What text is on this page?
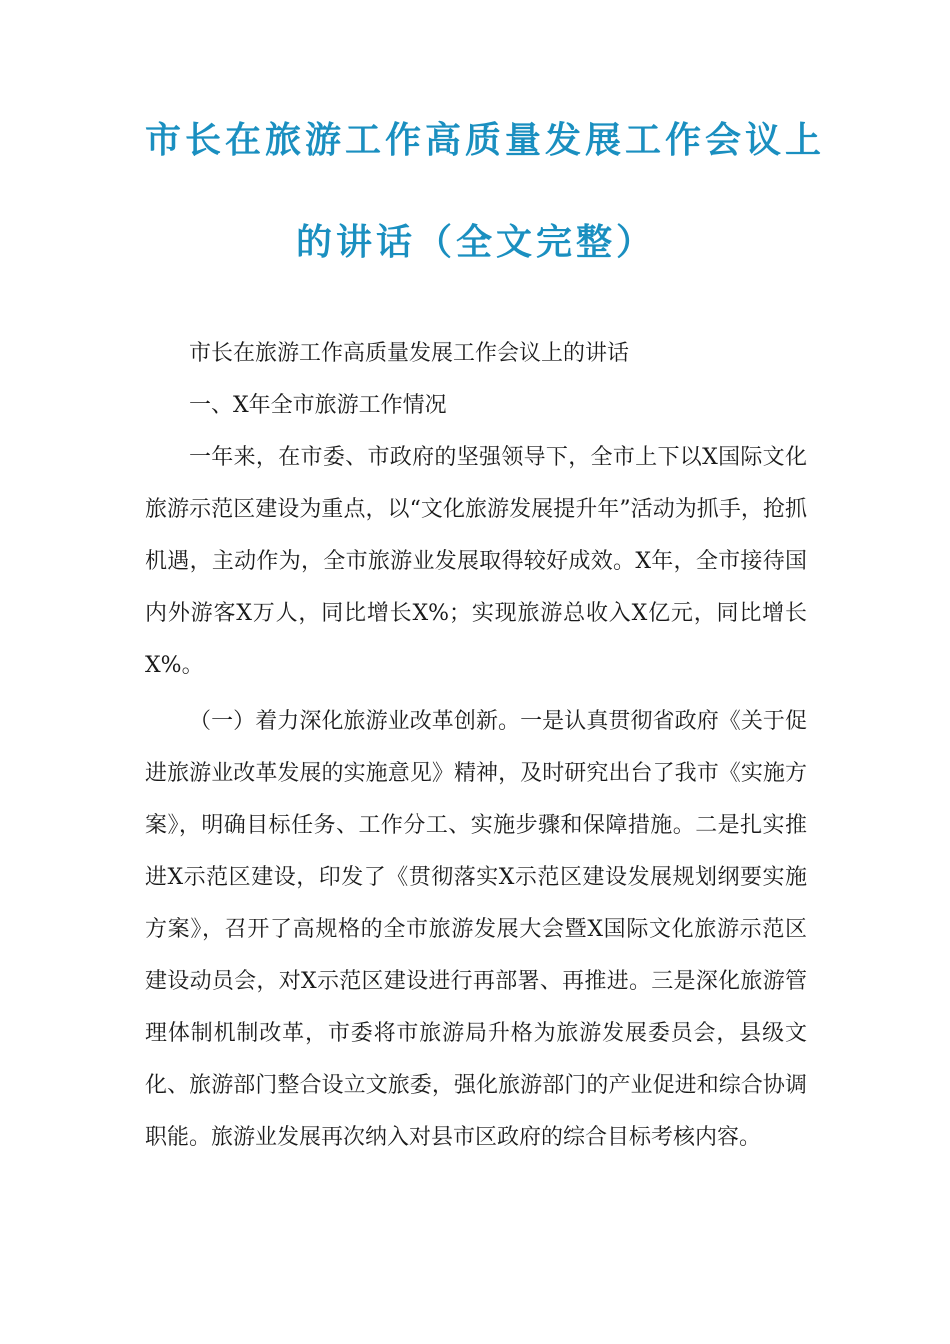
市长在旅游工作高质量发展工作会议上
的讲话（全文完整）

市长在旅游工作高质量发展工作会议上的讲话

一、X年全市旅游工作情况

一年来，在市委、市政府的坚强领导下，全市上下以X国际文化旅游示范区建设为重点，以“文化旅游发展提升年”活动为抓手，抢抓机遇，主动作为，全市旅游业发展取得较好成效。X年，全市接待国内外游客X万人，同比增长X%；实现旅游总收入X亿元，同比增长X%。

（一）着力深化旅游业改革创新。一是认真贯彻省政府《关于促进旅游业改革发展的实施意见》精神，及时研究出台了我市《实施方案》，明确目标任务、工作分工、实施步骤和保障措施。二是扎实推进X示范区建设，印发了《贯彻落实X示范区建设发展规划纲要实施方案》，召开了高规格的全市旅游发展大会暨X国际文化旅游示范区建设动员会，对X示范区建设进行再部署、再推进。三是深化旅游管理体制机制改革，市委将市旅游局升格为旅游发展委员会，县级文化、旅游部门整合设立文旅委，强化旅游部门的产业促进和综合协调职能。旅游业发展再次纳入对县市区政府的综合目标考核内容。
